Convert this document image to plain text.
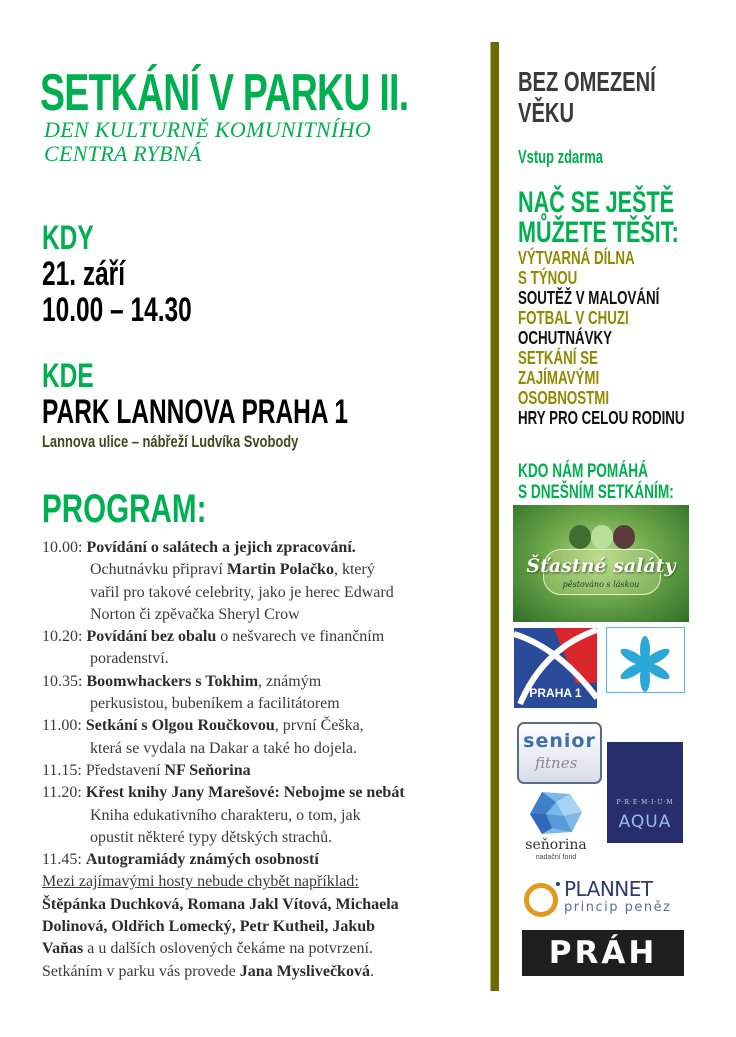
SETKÁNÍ V PARKU II.
DEN KULTURNĚ KOMUNITNÍHO
CENTRA RYBNÁ
KDY
21. září
10.00 – 14.30
KDE
PARK LANNOVA PRAHA 1
Lannova ulice – nábřeží Ludvíka Svobody
PROGRAM:
10.00: Povídání o salátech a jejich zpracování.
Ochutnávku připraví Martin Polačko, který
vařil pro takové celebrity, jako je herec Edward
Norton či zpěvačka Sheryl Crow
10.20: Povídání bez obalu o nešvarech ve finančním
poradenství.
10.35: Boomwhackers s Tokhim, známým
perkusistou, bubeníkem a facilitátorem
11.00: Setkání s Olgou Roučkovou, první Češka,
která se vydala na Dakar a také ho dojela.
11.15: Představení NF Seňorina
11.20: Křest knihy Jany Marešové: Nebojme se nebát
Kniha edukativního charakteru, o tom, jak
opustit některé typy dětských strachů.
11.45: Autogramiády známých osobností
Mezi zajímavými hosty nebude chybět například:
Štěpánka Duchková, Romana Jakl Vítová, Michaela
Dolinová, Oldřich Lomecký, Petr Kutheil, Jakub
Vaňas a u dalších oslovených čekáme na potvrzení.
Setkáním v parku vás provede Jana Myslivečková.
BEZ OMEZENÍ
VĚKU
Vstup zdarma
NAČ SE JEŠTĚ
MŮŽETE TĚŠIT:
VÝTVARNÁ DÍLNA
S TÝNOU
SOUTĚŽ V MALOVÁNÍ
FOTBAL V CHUZI
OCHUTNÁVKY
SETKÁNÍ SE
ZAJÍMAVÝMI
OSOBNOSTMI
HRY PRO CELOU RODINU
KDO NÁM POMÁHÁ
S DNEŠNÍM SETKÁNÍM:
Šťastné saláty
pěstováno s láskou
PRAHA 1
senior
fitnes
P·R·E·M·I·U·M
AQUA
seňorina
nadační fond
PLANNET
princip peněz
PRÁH
